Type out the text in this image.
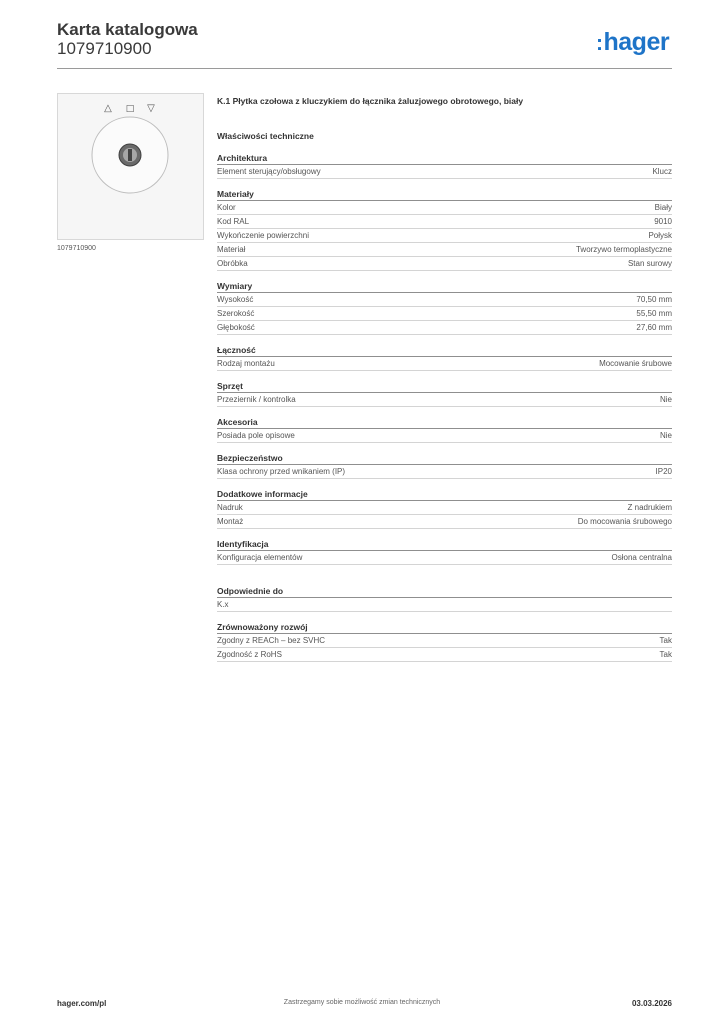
Karta katalogowa
1079710900	:hager
△ □ ▽
1079710900
K.1 Płytka czołowa z kluczykiem do łącznika żaluzjowego obrotowego, biały
Właściwości techniczne
Architektura
Element sterujący/obsługowy	Klucz
Materiały
Kolor	Biały
Kod RAL	9010
Wykończenie powierzchni	Połysk
Materiał	Tworzywo termoplastyczne
Obróbka	Stan surowy
Wymiary
Wysokość	70,50 mm
Szerokość	55,50 mm
Głębokość	27,60 mm
Łączność
Rodzaj montażu	Mocowanie śrubowe
Sprzęt
Przeziernik / kontrolka	Nie
Akcesoria
Posiada pole opisowe	Nie
Bezpieczeństwo
Klasa ochrony przed wnikaniem (IP)	IP20
Dodatkowe informacje
Nadruk	Z nadrukiem
Montaż	Do mocowania śrubowego
Identyfikacja
Konfiguracja elementów	Osłona centralna
Odpowiednie do
K.x
Zrównoważony rozwój
Zgodny z REACh – bez SVHC	Tak
Zgodność z RoHS	Tak
hager.com/pl	Zastrzegamy sobie możliwość zmian technicznych	03.03.2026
